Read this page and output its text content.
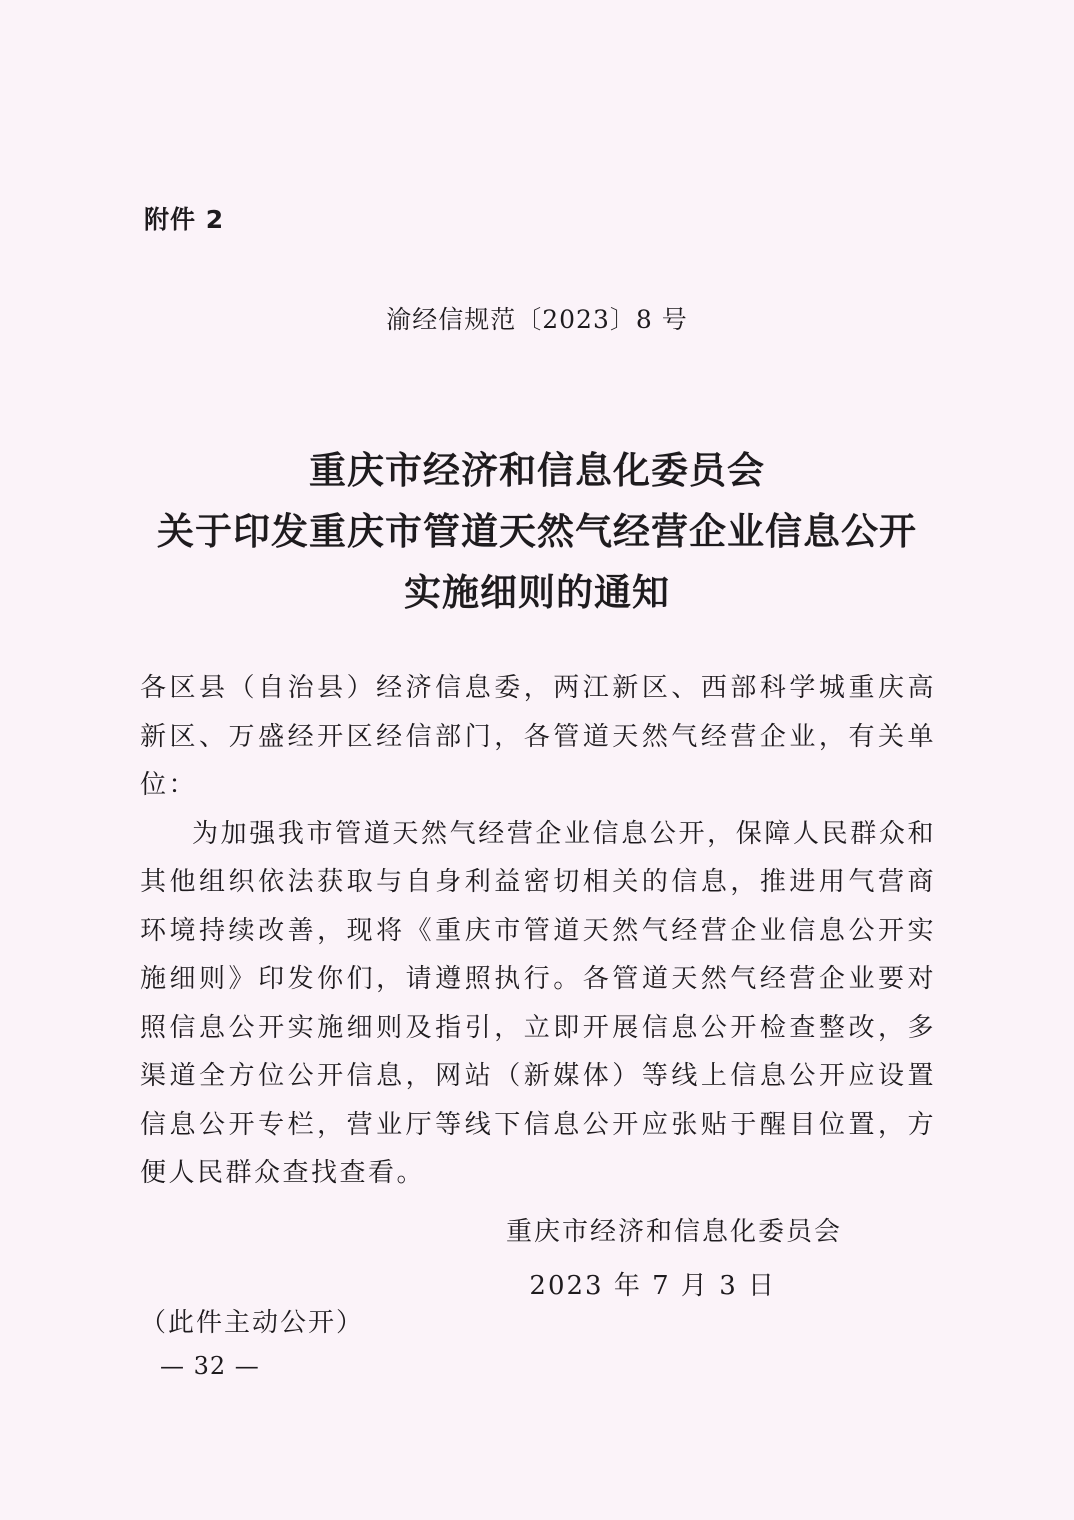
附件 2
渝经信规范〔2023〕8 号
重庆市经济和信息化委员会
关于印发重庆市管道天然气经营企业信息公开
实施细则的通知

各区县（自治县）经济信息委，两江新区、西部科学城重庆高新区、万盛经开区经信部门，各管道天然气经营企业，有关单位：

为加强我市管道天然气经营企业信息公开，保障人民群众和其他组织依法获取与自身利益密切相关的信息，推进用气营商环境持续改善，现将《重庆市管道天然气经营企业信息公开实施细则》印发你们，请遵照执行。各管道天然气经营企业要对照信息公开实施细则及指引，立即开展信息公开检查整改，多渠道全方位公开信息，网站（新媒体）等线上信息公开应设置信息公开专栏，营业厅等线下信息公开应张贴于醒目位置，方便人民群众查找查看。

重庆市经济和信息化委员会
2023 年 7 月 3 日
（此件主动公开）
— 32 —
